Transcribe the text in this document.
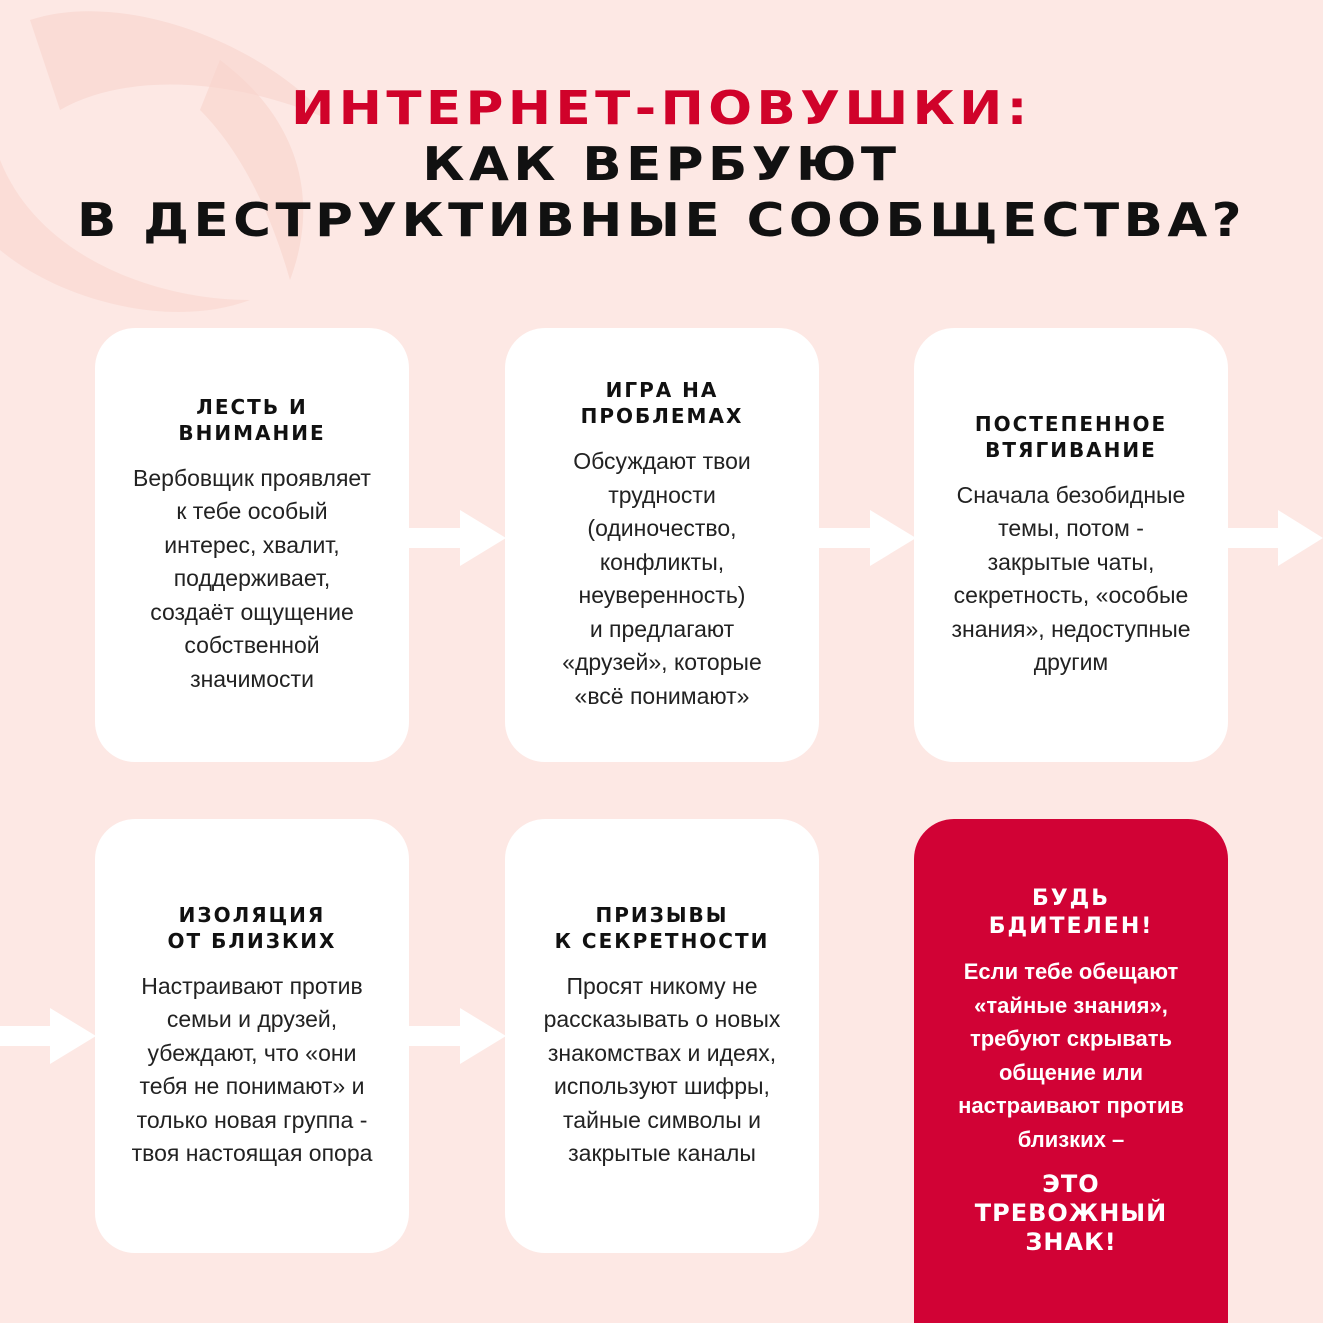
ИНТЕРНЕТ-ПОВУШКИ:
КАК ВЕРБУЮТ
В ДЕСТРУКТИВНЫЕ СООБЩЕСТВА?
ЛЕСТЬ И
ВНИМАНИЕ

Вербовщик проявляет
к тебе особый
интерес, хвалит,
поддерживает,
создаёт ощущение
собственной
значимости

ИГРА НА
ПРОБЛЕМАХ

Обсуждают твои
трудности
(одиночество,
конфликты,
неуверенность)
и предлагают
«друзей», которые
«всё понимают»

ПОСТЕПЕННОЕ
ВТЯГИВАНИЕ

Сначала безобидные
темы, потом -
закрытые чаты,
секретность, «особые
знания», недоступные
другим

ИЗОЛЯЦИЯ
ОТ БЛИЗКИХ

Настраивают против
семьи и друзей,
убеждают, что «они
тебя не понимают» и
только новая группа -
твоя настоящая опора

ПРИЗЫВЫ
К СЕКРЕТНОСТИ

Просят никому не
рассказывать о новых
знакомствах и идеях,
используют шифры,
тайные символы и
закрытые каналы

БУДЬ
БДИТЕЛЕН!

Если тебе обещают
«тайные знания»,
требуют скрывать
общение или
настраивают против
близких –

ЭТО
ТРЕВОЖНЫЙ
ЗНАК!
